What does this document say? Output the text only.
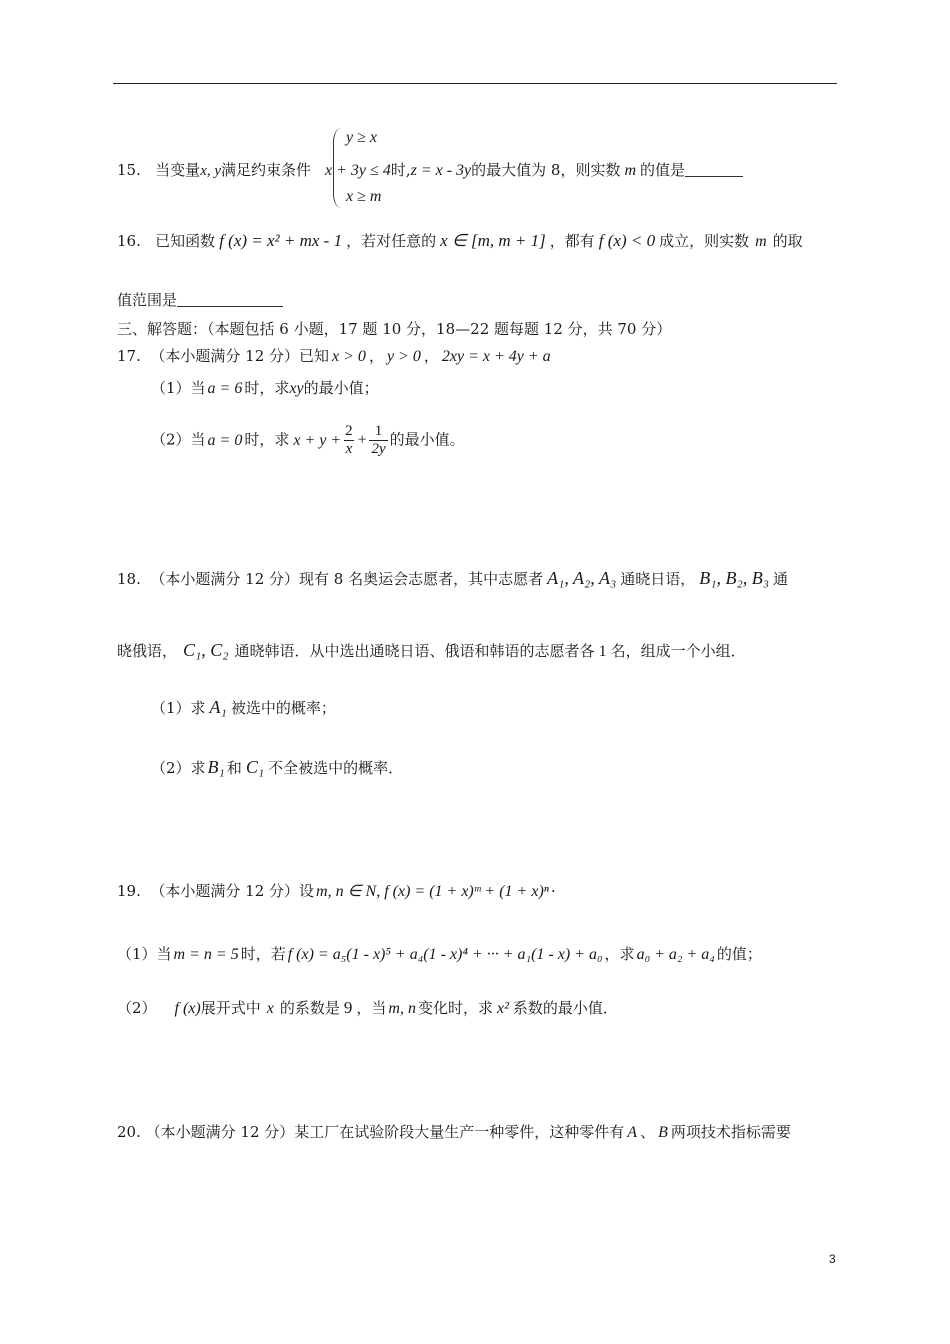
y ≥ x
15. 当变量x, y满足约束条件 x + 3y ≤ 4时,z = x - 3y的最大值为 8，则实数 m 的值是
x ≥ m
16. 已知函数 f (x) = x² + mx - 1 ，若对任意的 x ∈ [m, m + 1] ，都有 f (x) < 0 成立，则实数 m 的取
值范围是
三、解答题：（本题包括 6 小题，17 题 10 分，18—22 题每题 12 分，共 70 分）
17. （本小题满分 12 分）已知 x > 0 ， y > 0 ， 2xy = x + 4y + a
（1）当 a = 6 时，求xy的最小值；
（2）当 a = 0 时，求 $x + y + \frac{2}{x} + \frac{1}{2y}$ 的最小值。
18. （本小题满分 12 分）现有 8 名奥运会志愿者，其中志愿者 A₁, A₂, A₃ 通晓日语， B₁, B₂, B₃ 通
晓俄语， C₁, C₂ 通晓韩语．从中选出通晓日语、俄语和韩语的志愿者各 1 名，组成一个小组．
（1）求 A₁ 被选中的概率；
（2）求 B₁ 和 C₁ 不全被选中的概率．
19. （本小题满分 12 分）设 m, n ∈ N, f (x) = (1 + x)ᵐ + (1 + x)ⁿ ·
（1）当 m = n = 5 时，若 f (x) = a₅(1 - x)⁵ + a₄(1 - x)⁴ + ··· + a₁(1 - x) + a₀ ，求 a₀ + a₂ + a₄ 的值；
（2） f (x)展开式中 x 的系数是 9 ，当 m, n 变化时，求 x² 系数的最小值．
20. （本小题满分 12 分）某工厂在试验阶段大量生产一种零件，这种零件有 A 、 B 两项技术指标需要
3
